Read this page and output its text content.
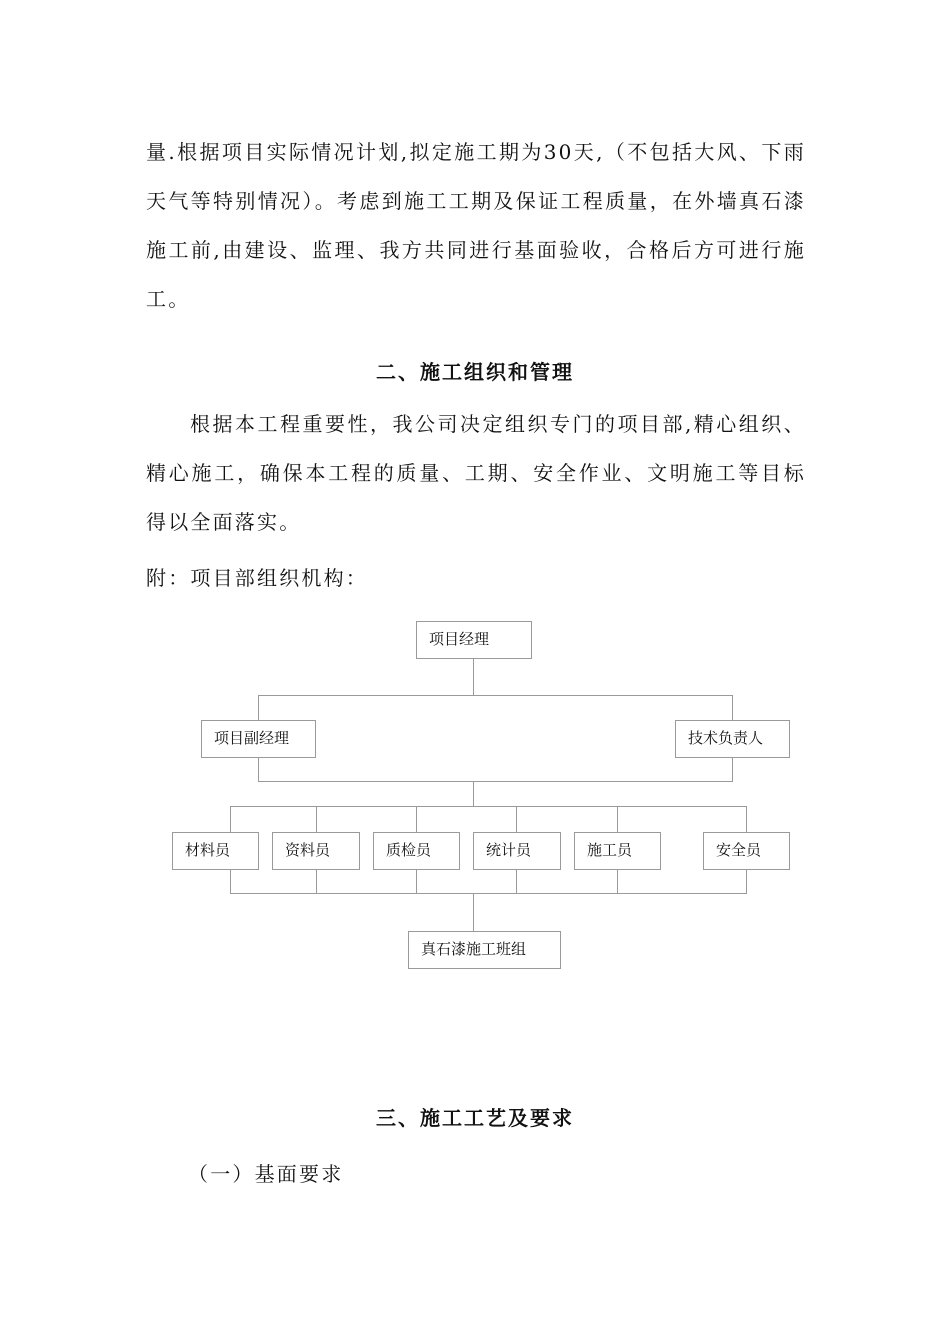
量.根据项目实际情况计划,拟定施工期为30天,（不包括大风、下雨天气等特别情况）。考虑到施工工期及保证工程质量，在外墙真石漆施工前,由建设、监理、我方共同进行基面验收，合格后方可进行施工。

二、施工组织和管理

根据本工程重要性，我公司决定组织专门的项目部,精心组织、精心施工，确保本工程的质量、工期、安全作业、文明施工等目标得以全面落实。

附：项目部组织机构：

项目经理
项目副经理	技术负责人
材料员	资料员	质检员	统计员	施工员	安全员
真石漆施工班组
三、施工工艺及要求

（一）基面要求
